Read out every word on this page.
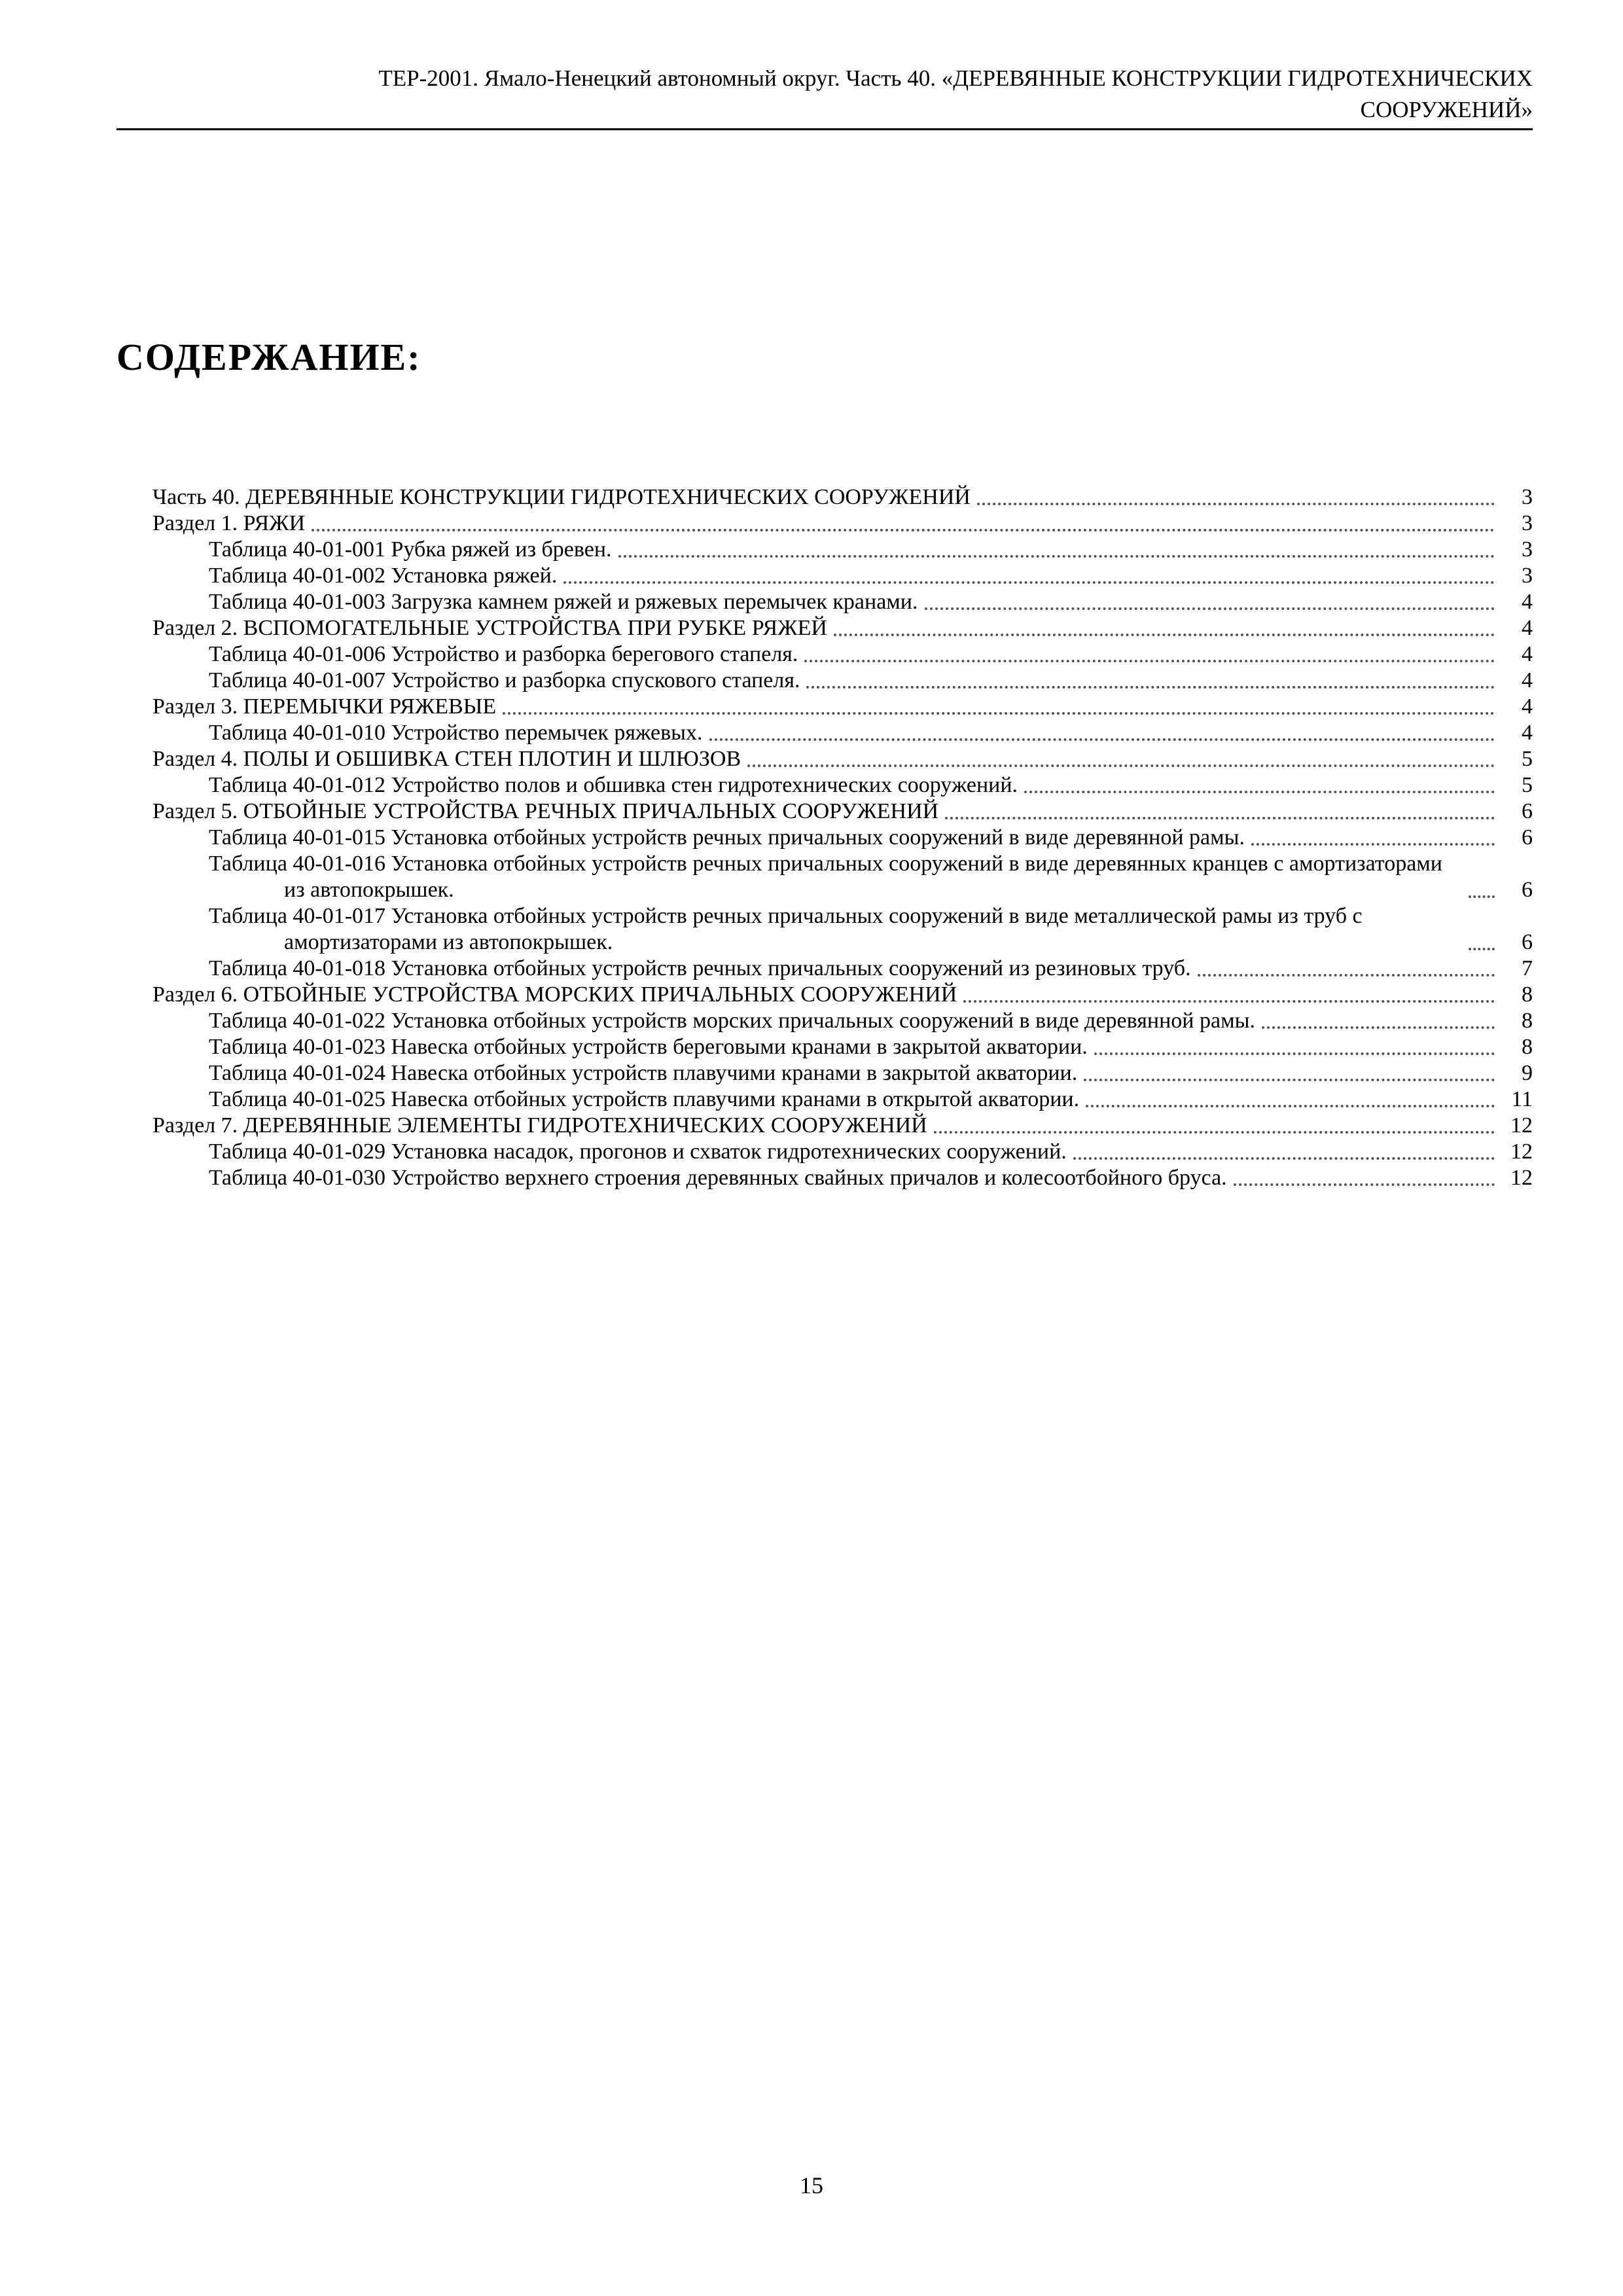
ТЕР-2001. Ямало-Ненецкий автономный округ. Часть 40. «ДЕРЕВЯННЫЕ КОНСТРУКЦИИ ГИДРОТЕХНИЧЕСКИХ
СООРУЖЕНИЙ»
СОДЕРЖАНИЕ:
Часть 40. ДЕРЕВЯННЫЕ КОНСТРУКЦИИ ГИДРОТЕХНИЧЕСКИХ СООРУЖЕНИЙ	3
Раздел 1. РЯЖИ	3
Таблица 40-01-001 Рубка ряжей из бревен.	3
Таблица 40-01-002 Установка ряжей.	3
Таблица 40-01-003 Загрузка камнем ряжей и ряжевых перемычек кранами.	4
Раздел 2. ВСПОМОГАТЕЛЬНЫЕ УСТРОЙСТВА ПРИ РУБКЕ РЯЖЕЙ	4
Таблица 40-01-006 Устройство и разборка берегового стапеля.	4
Таблица 40-01-007 Устройство и разборка спускового стапеля.	4
Раздел 3. ПЕРЕМЫЧКИ РЯЖЕВЫЕ	4
Таблица 40-01-010 Устройство перемычек ряжевых.	4
Раздел 4. ПОЛЫ И ОБШИВКА СТЕН ПЛОТИН И ШЛЮЗОВ	5
Таблица 40-01-012 Устройство полов и обшивка стен гидротехнических сооружений.	5
Раздел 5. ОТБОЙНЫЕ УСТРОЙСТВА РЕЧНЫХ ПРИЧАЛЬНЫХ СООРУЖЕНИЙ	6
Таблица 40-01-015 Установка отбойных устройств речных причальных сооружений в виде деревянной рамы.	6
Таблица 40-01-016 Установка отбойных устройств речных причальных сооружений в виде деревянных кранцев с амортизаторами из автопокрышек.	6
Таблица 40-01-017 Установка отбойных устройств речных причальных сооружений в виде металлической рамы из труб с амортизаторами из автопокрышек.	6
Таблица 40-01-018 Установка отбойных устройств речных причальных сооружений из резиновых труб.	7
Раздел 6. ОТБОЙНЫЕ УСТРОЙСТВА МОРСКИХ ПРИЧАЛЬНЫХ СООРУЖЕНИЙ	8
Таблица 40-01-022 Установка отбойных устройств морских причальных сооружений в виде деревянной рамы.	8
Таблица 40-01-023 Навеска отбойных устройств береговыми кранами в закрытой акватории.	8
Таблица 40-01-024 Навеска отбойных устройств плавучими кранами в закрытой акватории.	9
Таблица 40-01-025 Навеска отбойных устройств плавучими кранами в открытой акватории.	11
Раздел 7. ДЕРЕВЯННЫЕ ЭЛЕМЕНТЫ ГИДРОТЕХНИЧЕСКИХ СООРУЖЕНИЙ	12
Таблица 40-01-029 Установка насадок, прогонов и схваток гидротехнических сооружений.	12
Таблица 40-01-030 Устройство верхнего строения деревянных свайных причалов и колесоотбойного бруса.	12
15
